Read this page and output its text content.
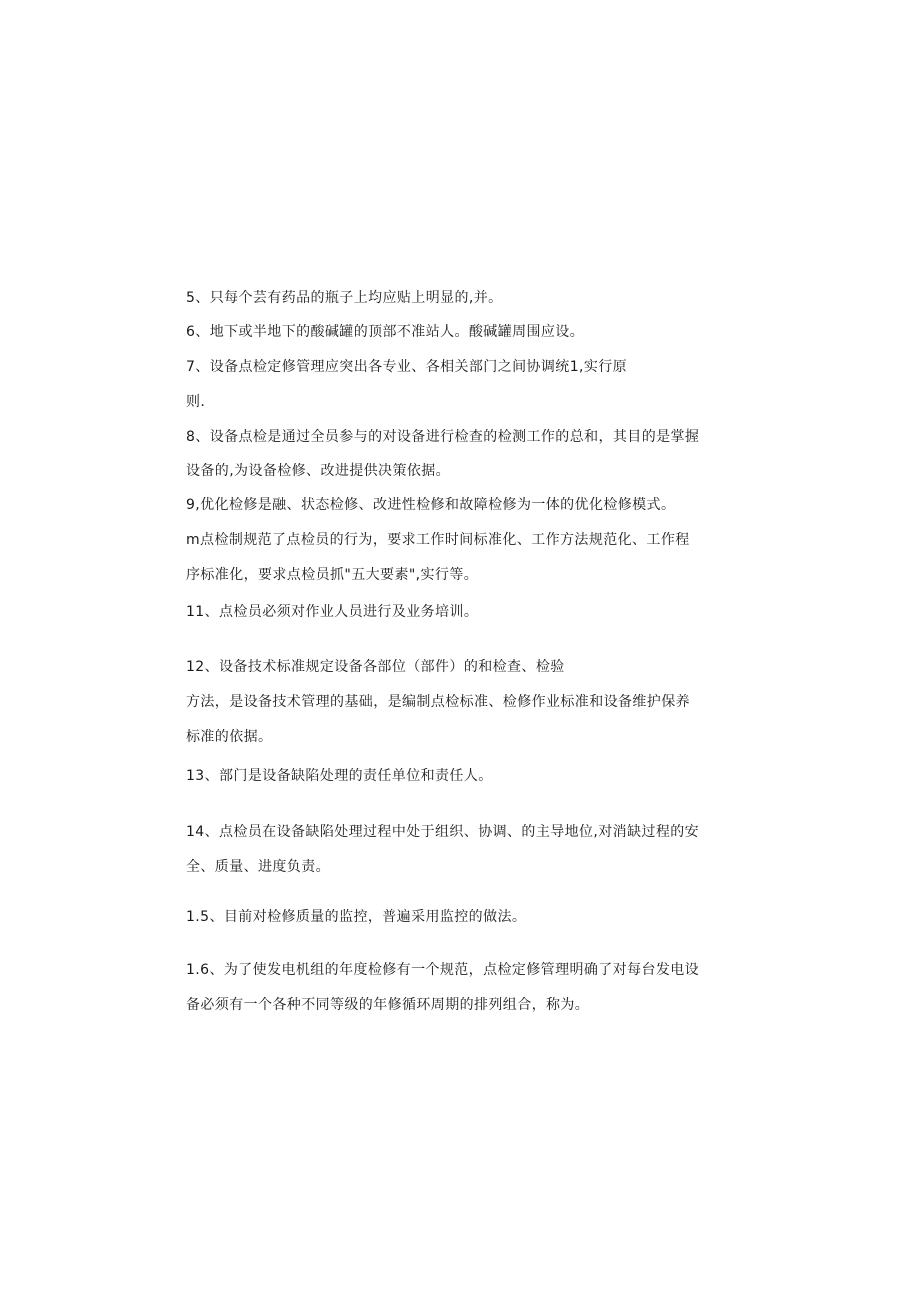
5、只每个芸有药品的瓶子上均应贴上明显的,并。
6、地下或半地下的酸碱罐的顶部不准站人。酸碱罐周围应设。
7、设备点检定修管理应突出各专业、各相关部门之间协调统1,实行原
则.
8、设备点检是通过全员参与的对设备进行检查的检测工作的总和，其目的是掌握
设备的,为设备检修、改进提供决策依据。
9,优化检修是融、状态检修、改进性检修和故障检修为一体的优化检修模式。
m点检制规范了点检员的行为，要求工作时间标准化、工作方法规范化、工作程
序标准化，要求点检员抓"五大要素",实行等。
11、点检员必须对作业人员进行及业务培训。
12、设备技术标准规定设备各部位（部件）的和检查、检验
方法，是设备技术管理的基础，是编制点检标准、检修作业标准和设备维护保养
标准的依据。
13、部门是设备缺陷处理的责任单位和责任人。
14、点检员在设备缺陷处理过程中处于组织、协调、的主导地位,对消缺过程的安
全、质量、进度负责。
1.5、目前对检修质量的监控，普遍采用监控的做法。
1.6、为了使发电机组的年度检修有一个规范，点检定修管理明确了对每台发电设
备必须有一个各种不同等级的年修循环周期的排列组合，称为。
